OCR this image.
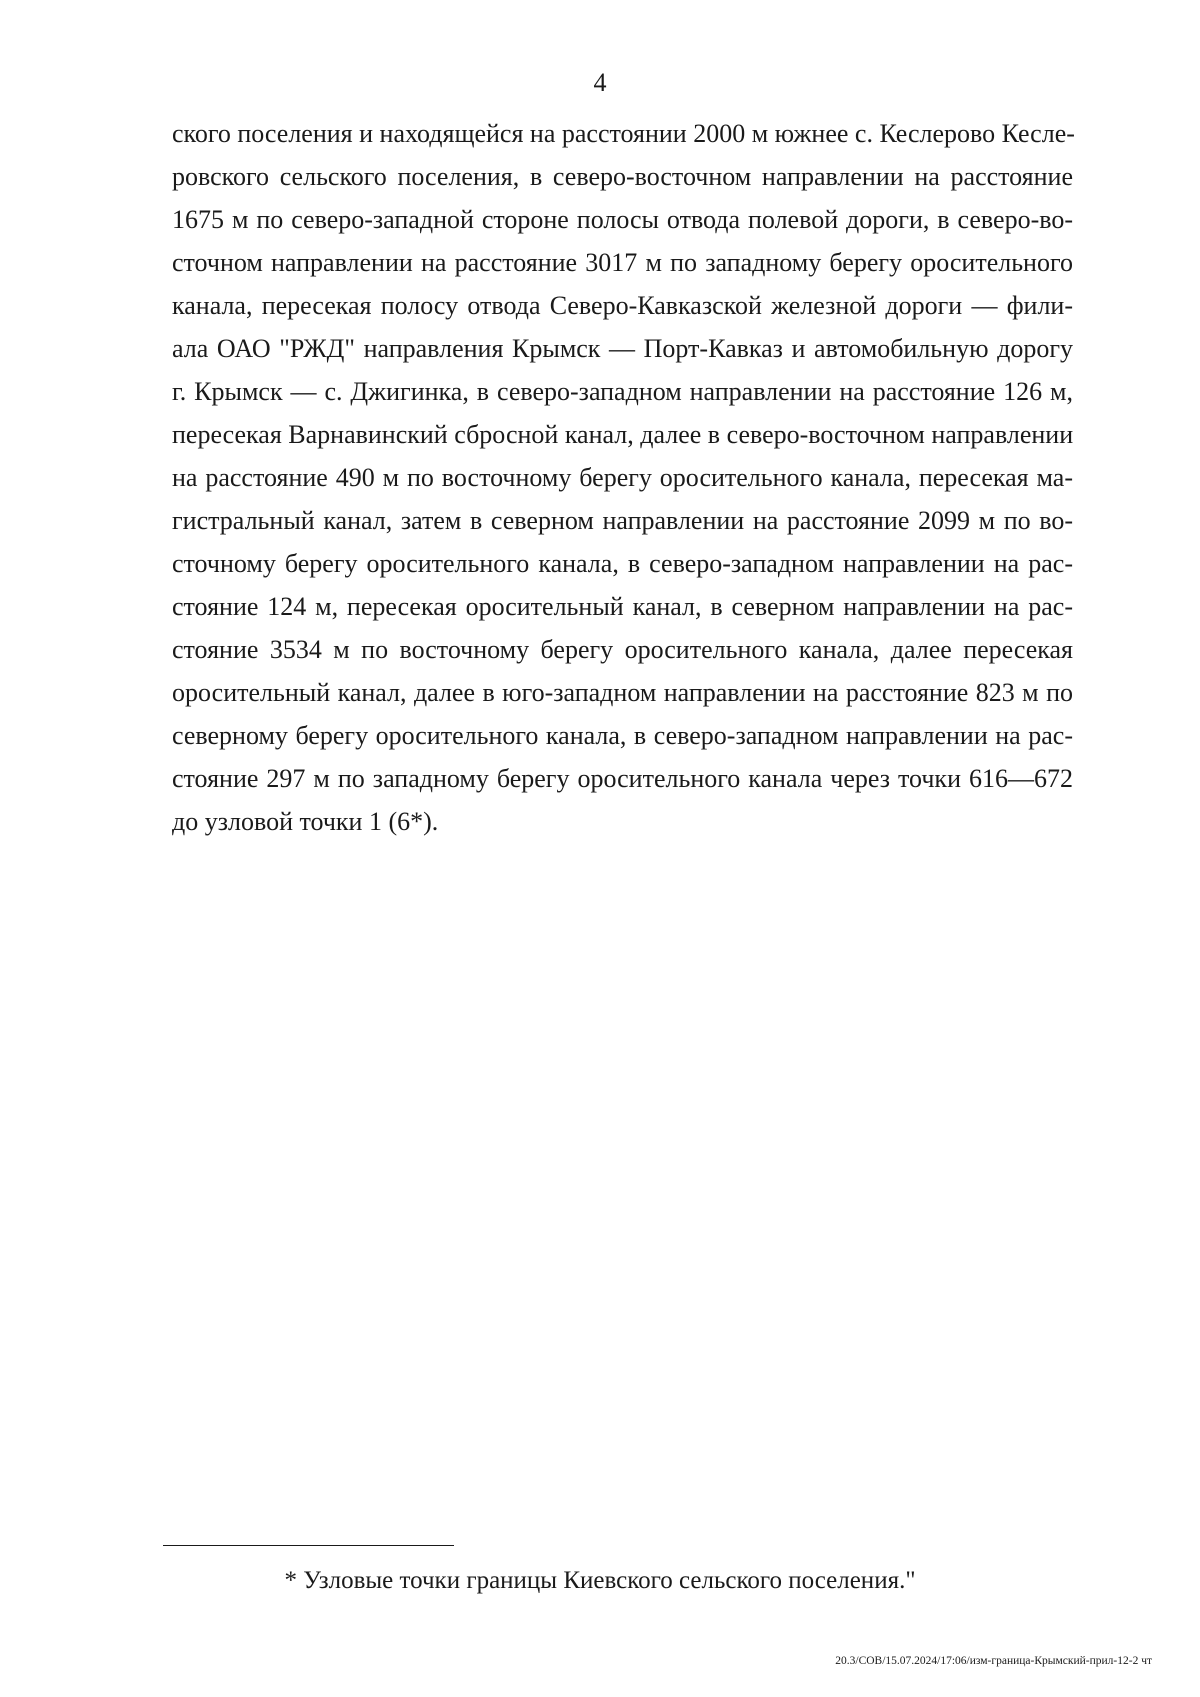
4
ского поселения и находящейся на расстоянии 2000 м южнее с. Кеслерово Кесле-
ровского сельского поселения, в северо-восточном направлении на расстояние
1675 м по северо-западной стороне полосы отвода полевой дороги, в северо-во-
сточном направлении на расстояние 3017 м по западному берегу оросительного
канала, пересекая полосу отвода Северо-Кавказской железной дороги — фили-
ала ОАО "РЖД" направления Крымск — Порт-Кавказ и автомобильную дорогу
г. Крымск — с. Джигинка, в северо-западном направлении на расстояние 126 м,
пересекая Варнавинский сбросной канал, далее в северо-восточном направлении
на расстояние 490 м по восточному берегу оросительного канала, пересекая ма-
гистральный канал, затем в северном направлении на расстояние 2099 м по во-
сточному берегу оросительного канала, в северо-западном направлении на рас-
стояние 124 м, пересекая оросительный канал, в северном направлении на рас-
стояние 3534 м по восточному берегу оросительного канала, далее пересекая
оросительный канал, далее в юго-западном направлении на расстояние 823 м по
северному берегу оросительного канала, в северо-западном направлении на рас-
стояние 297 м по западному берегу оросительного канала через точки 616—672
до узловой точки 1 (6*).
* Узловые точки границы Киевского сельского поселения."
20.3/СОВ/15.07.2024/17:06/изм-граница-Крымский-прил-12-2 чт
